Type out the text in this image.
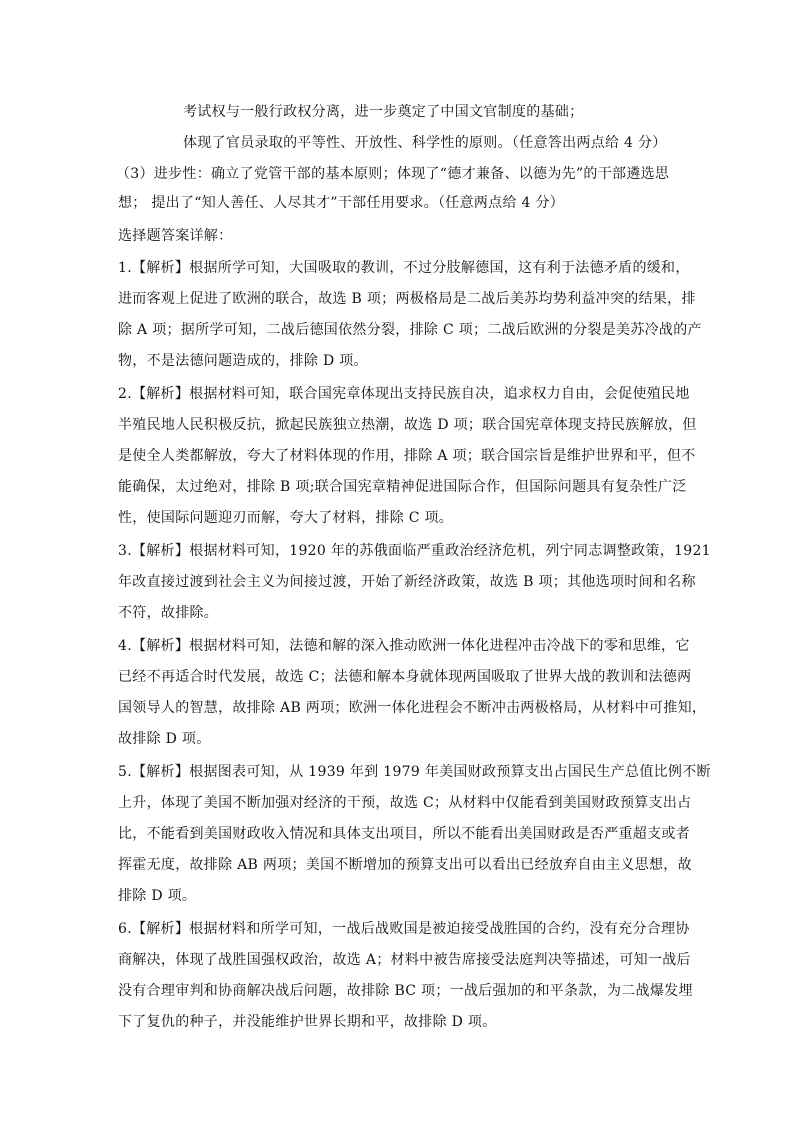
考试权与一般行政权分离，进一步奠定了中国文官制度的基础；
体现了官员录取的平等性、开放性、科学性的原则。（任意答出两点给 4 分）
（3）进步性：确立了党管干部的基本原则；体现了“德才兼备、以德为先”的干部遴选思
想； 提出了“知人善任、人尽其才”干部任用要求。（任意两点给 4 分）
选择题答案详解：
1.【解析】根据所学可知，大国吸取的教训，不过分肢解德国，这有利于法德矛盾的缓和，
进而客观上促进了欧洲的联合，故选 B 项；两极格局是二战后美苏均势利益冲突的结果，排
除 A 项；据所学可知，二战后德国依然分裂，排除 C 项；二战后欧洲的分裂是美苏冷战的产
物，不是法德问题造成的，排除 D 项。
2.【解析】根据材料可知，联合国宪章体现出支持民族自决，追求权力自由，会促使殖民地
半殖民地人民积极反抗，掀起民族独立热潮，故选 D 项；联合国宪章体现支持民族解放，但
是使全人类都解放，夸大了材料体现的作用，排除 A 项；联合国宗旨是维护世界和平，但不
能确保，太过绝对，排除 B 项;联合国宪章精神促进国际合作，但国际问题具有复杂性广泛
性，使国际问题迎刃而解，夸大了材料，排除 C 项。
3.【解析】根据材料可知，1920 年的苏俄面临严重政治经济危机，列宁同志调整政策，1921
年改直接过渡到社会主义为间接过渡，开始了新经济政策，故选 B 项；其他选项时间和名称
不符，故排除。
4.【解析】根据材料可知，法德和解的深入推动欧洲一体化进程冲击冷战下的零和思维，它
已经不再适合时代发展，故选 C；法德和解本身就体现两国吸取了世界大战的教训和法德两
国领导人的智慧，故排除 AB 两项；欧洲一体化进程会不断冲击两极格局，从材料中可推知，
故排除 D 项。
5.【解析】根据图表可知，从 1939 年到 1979 年美国财政预算支出占国民生产总值比例不断
上升，体现了美国不断加强对经济的干预，故选 C；从材料中仅能看到美国财政预算支出占
比，不能看到美国财政收入情况和具体支出项目，所以不能看出美国财政是否严重超支或者
挥霍无度，故排除 AB 两项；美国不断增加的预算支出可以看出已经放弃自由主义思想，故
排除 D 项。
6.【解析】根据材料和所学可知，一战后战败国是被迫接受战胜国的合约，没有充分合理协
商解决，体现了战胜国强权政治，故选 A；材料中被告席接受法庭判决等描述，可知一战后
没有合理审判和协商解决战后问题，故排除 BC 项；一战后强加的和平条款，为二战爆发埋
下了复仇的种子，并没能维护世界长期和平，故排除 D 项。
